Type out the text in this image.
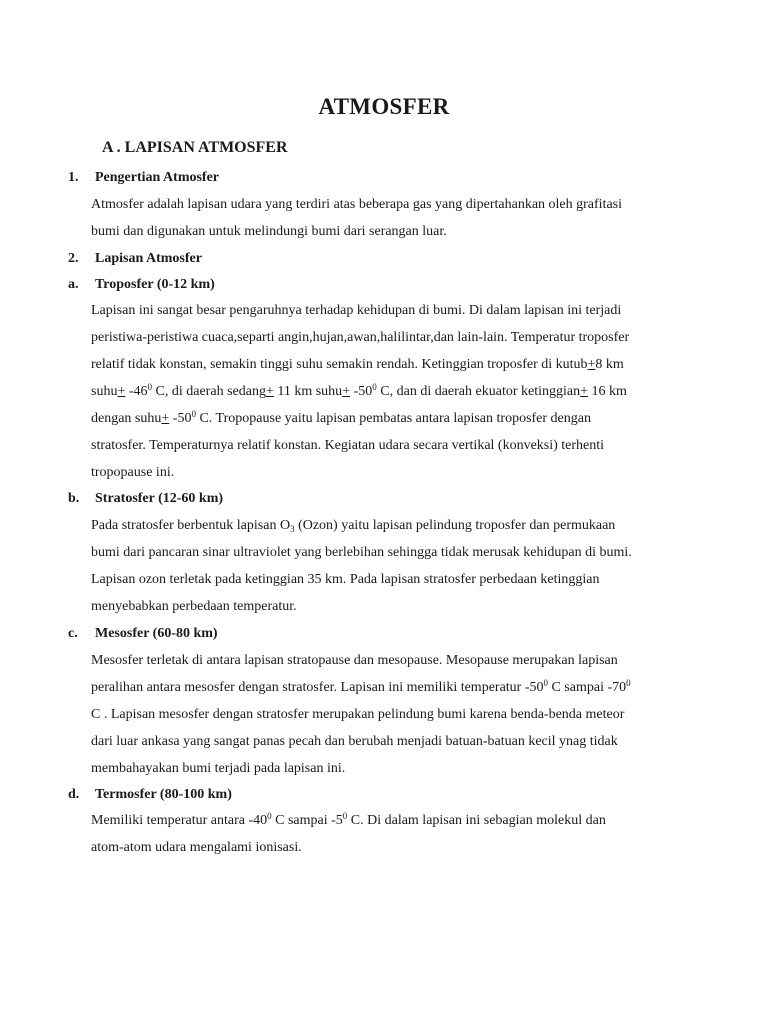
ATMOSFER
A . LAPISAN ATMOSFER
1. Pengertian Atmosfer
Atmosfer adalah lapisan udara yang terdiri atas beberapa gas yang dipertahankan oleh grafitasi
bumi dan digunakan untuk melindungi bumi dari serangan luar.
2. Lapisan Atmosfer
a. Troposfer (0-12 km)
Lapisan ini sangat besar pengaruhnya terhadap kehidupan di bumi. Di dalam lapisan ini terjadi
peristiwa-peristiwa cuaca,separti angin,hujan,awan,halilintar,dan lain-lain. Temperatur troposfer
relatif tidak konstan, semakin tinggi suhu semakin rendah. Ketinggian troposfer di kutub+8 km
suhu+ $-46^0$ C, di daerah sedang+ 11 km suhu+ $-50^0$ C, dan di daerah ekuator ketinggian+ 16 km
dengan suhu+ $-50^0$ C. Tropopause yaitu lapisan pembatas antara lapisan troposfer dengan
stratosfer. Temperaturnya relatif konstan. Kegiatan udara secara vertikal (konveksi) terhenti
tropopause ini.
b. Stratosfer (12-60 km)
Pada stratosfer berbentuk lapisan $O_3$ (Ozon) yaitu lapisan pelindung troposfer dan permukaan
bumi dari pancaran sinar ultraviolet yang berlebihan sehingga tidak merusak kehidupan di bumi.
Lapisan ozon terletak pada ketinggian 35 km. Pada lapisan stratosfer perbedaan ketinggian
menyebabkan perbedaan temperatur.
c. Mesosfer (60-80 km)
Mesosfer terletak di antara lapisan stratopause dan mesopause. Mesopause merupakan lapisan
peralihan antara mesosfer dengan stratosfer. Lapisan ini memiliki temperatur $-50^0$ C sampai $-70^0$
C . Lapisan mesosfer dengan stratosfer merupakan pelindung bumi karena benda-benda meteor
dari luar ankasa yang sangat panas pecah dan berubah menjadi batuan-batuan kecil ynag tidak
membahayakan bumi terjadi pada lapisan ini.
d. Termosfer (80-100 km)
Memiliki temperatur antara $-40^0$ C sampai $-5^0$ C. Di dalam lapisan ini sebagian molekul dan
atom-atom udara mengalami ionisasi.
